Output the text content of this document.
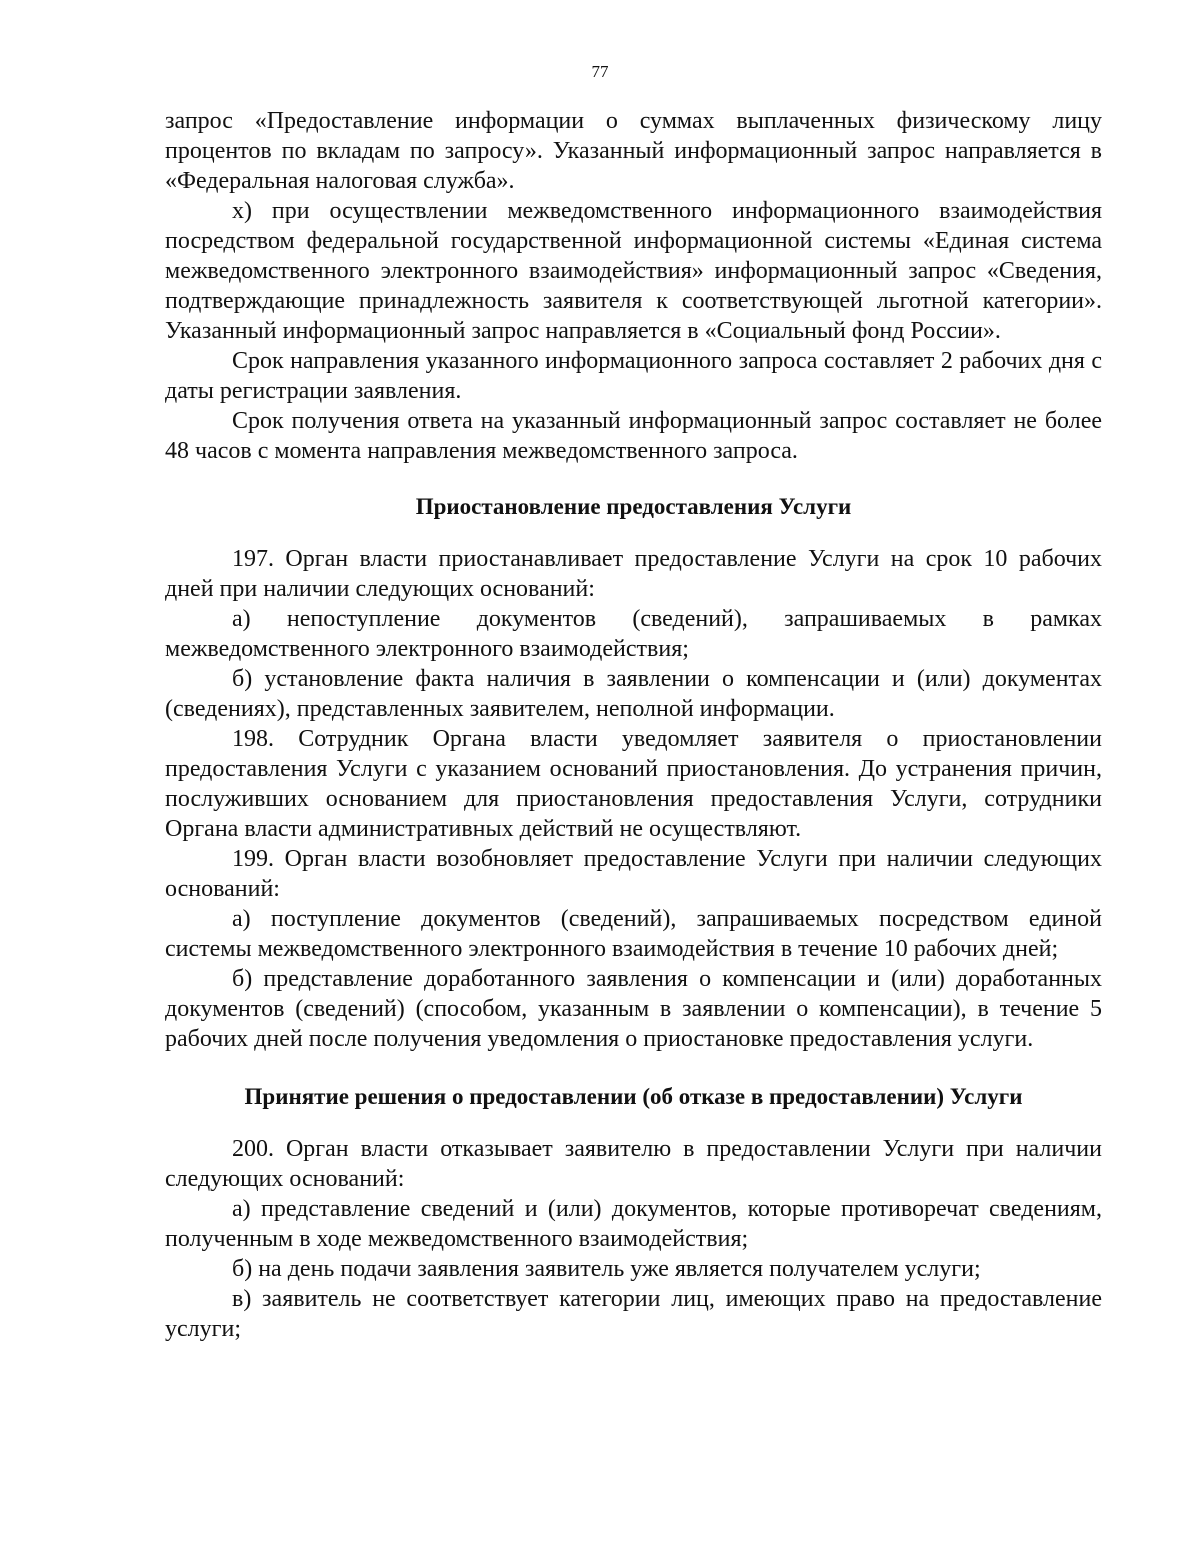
77

запрос «Предоставление информации о суммах выплаченных физическому лицу процентов по вкладам по запросу». Указанный информационный запрос направляется в «Федеральная налоговая служба».

х) при осуществлении межведомственного информационного взаимодействия посредством федеральной государственной информационной системы «Единая система межведомственного электронного взаимодействия» информационный запрос «Сведения, подтверждающие принадлежность заявителя к соответствующей льготной категории». Указанный информационный запрос направляется в «Социальный фонд России».

Срок направления указанного информационного запроса составляет 2 рабочих дня с даты регистрации заявления.

Срок получения ответа на указанный информационный запрос составляет не более 48 часов с момента направления межведомственного запроса.

Приостановление предоставления Услуги

197. Орган власти приостанавливает предоставление Услуги на срок 10 рабочих дней при наличии следующих оснований:

а) непоступление документов (сведений), запрашиваемых в рамках межведомственного электронного взаимодействия;

б) установление факта наличия в заявлении о компенсации и (или) документах (сведениях), представленных заявителем, неполной информации.

198. Сотрудник Органа власти уведомляет заявителя о приостановлении предоставления Услуги с указанием оснований приостановления. До устранения причин, послуживших основанием для приостановления предоставления Услуги, сотрудники Органа власти административных действий не осуществляют.

199. Орган власти возобновляет предоставление Услуги при наличии следующих оснований:

а) поступление документов (сведений), запрашиваемых посредством единой системы межведомственного электронного взаимодействия в течение 10 рабочих дней;

б) представление доработанного заявления о компенсации и (или) доработанных документов (сведений) (способом, указанным в заявлении о компенсации), в течение 5 рабочих дней после получения уведомления о приостановке предоставления услуги.

Принятие решения о предоставлении (об отказе в предоставлении) Услуги

200. Орган власти отказывает заявителю в предоставлении Услуги при наличии следующих оснований:

а) представление сведений и (или) документов, которые противоречат сведениям, полученным в ходе межведомственного взаимодействия;

б) на день подачи заявления заявитель уже является получателем услуги;

в) заявитель не соответствует категории лиц, имеющих право на предоставление услуги;
